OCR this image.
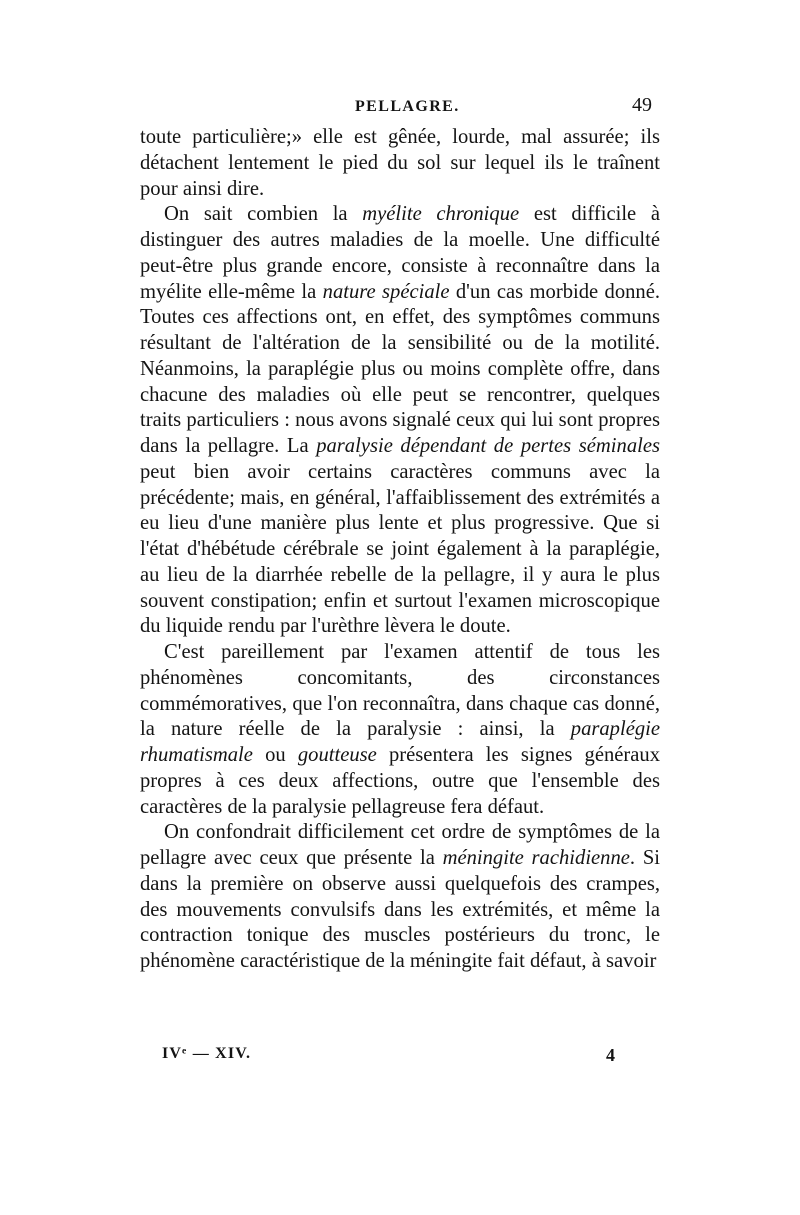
PELLAGRE.	49

toute particulière;» elle est gênée, lourde, mal assurée; ils détachent lentement le pied du sol sur lequel ils le traînent pour ainsi dire.

On sait combien la myélite chronique est difficile à distinguer des autres maladies de la moelle. Une difficulté peut-être plus grande encore, consiste à reconnaître dans la myélite elle-même la nature spéciale d'un cas morbide donné. Toutes ces affections ont, en effet, des symptômes communs résultant de l'altération de la sensibilité ou de la motilité. Néanmoins, la paraplégie plus ou moins complète offre, dans chacune des maladies où elle peut se rencontrer, quelques traits particuliers : nous avons signalé ceux qui lui sont propres dans la pellagre. La paralysie dépendant de pertes séminales peut bien avoir certains caractères communs avec la précédente; mais, en général, l'affaiblissement des extrémités a eu lieu d'une manière plus lente et plus progressive. Que si l'état d'hébétude cérébrale se joint également à la paraplégie, au lieu de la diarrhée rebelle de la pellagre, il y aura le plus souvent constipation; enfin et surtout l'examen microscopique du liquide rendu par l'urèthre lèvera le doute.

C'est pareillement par l'examen attentif de tous les phénomènes concomitants, des circonstances commémoratives, que l'on reconnaîtra, dans chaque cas donné, la nature réelle de la paralysie : ainsi, la paraplégie rhumatismale ou goutteuse présentera les signes généraux propres à ces deux affections, outre que l'ensemble des caractères de la paralysie pellagreuse fera défaut.

On confondrait difficilement cet ordre de symptômes de la pellagre avec ceux que présente la méningite rachidienne. Si dans la première on observe aussi quelquefois des crampes, des mouvements convulsifs dans les extrémités, et même la contraction tonique des muscles postérieurs du tronc, le phénomène caractéristique de la méningite fait défaut, à savoir

IVᵉ — XIV.	4
